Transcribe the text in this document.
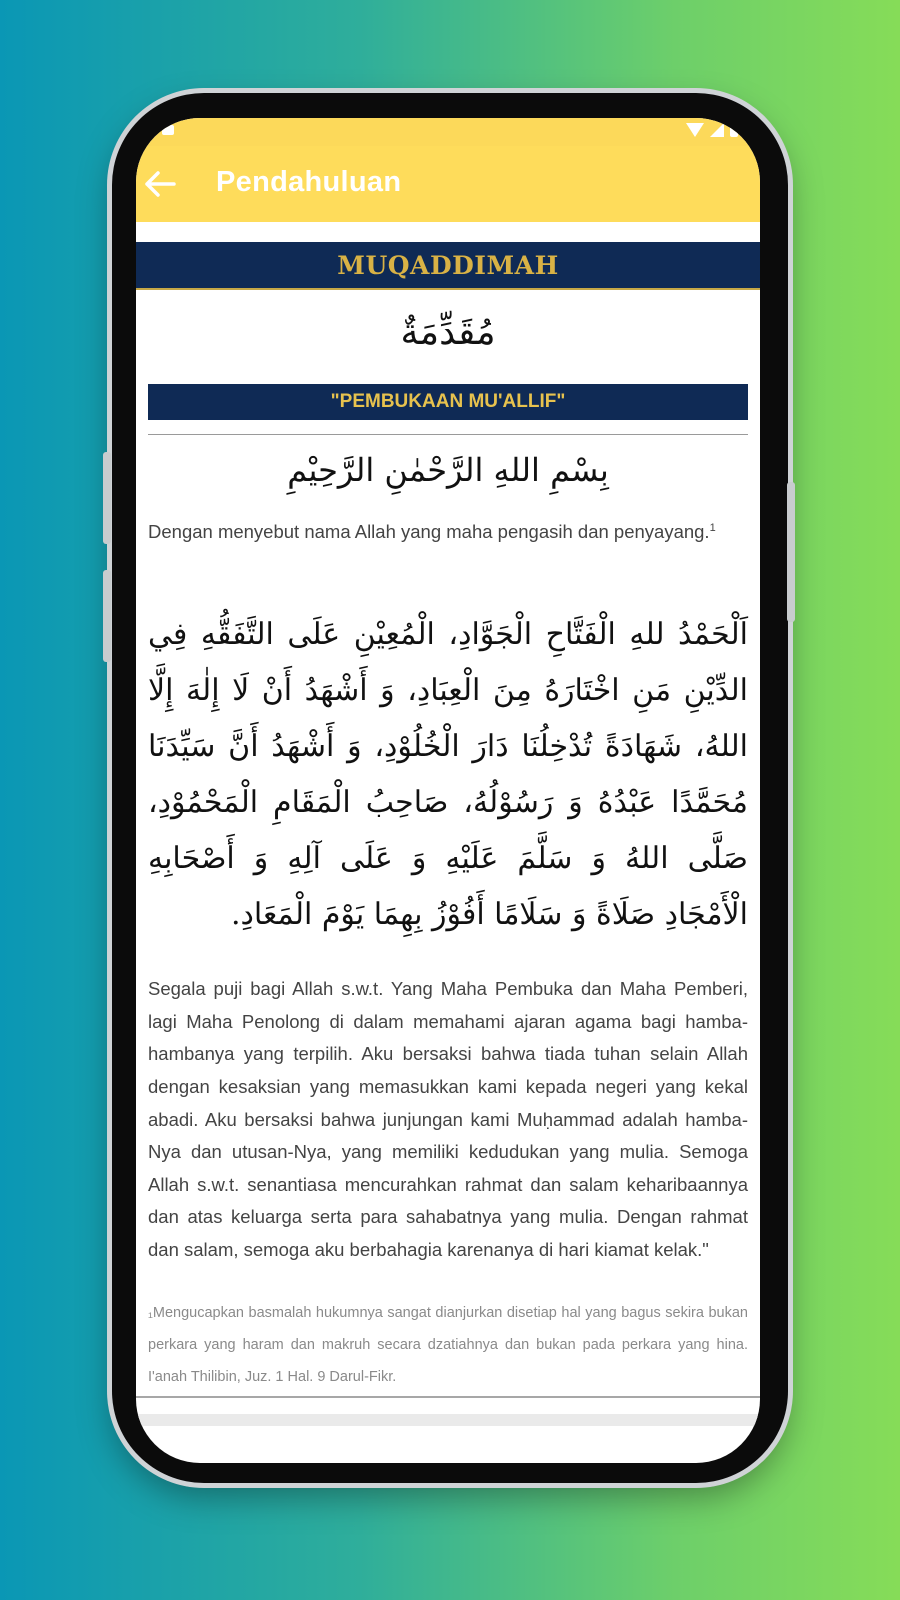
Pendahuluan
MUQADDIMAH
مُقَدِّمَةٌ
"PEMBUKAAN MU'ALLIF"
بِسْمِ اللهِ الرَّحْمٰنِ الرَّحِيْمِ
Dengan menyebut nama Allah yang maha pengasih dan penyayang.$^1$
اَلْحَمْدُ للهِ الْفَتَّاحِ الْجَوَّادِ، الْمُعِيْنِ عَلَى التَّفَقُّهِ فِي الدِّيْنِ مَنِ اخْتَارَهُ مِنَ الْعِبَادِ، وَ أَشْهَدُ أَنْ لَا إِلٰهَ إِلَّا اللهُ، شَهَادَةً تُدْخِلُنَا دَارَ الْخُلُوْدِ، وَ أَشْهَدُ أَنَّ سَيِّدَنَا مُحَمَّدًا عَبْدُهُ وَ رَسُوْلُهُ، صَاحِبُ الْمَقَامِ الْمَحْمُوْدِ، صَلَّى اللهُ وَ سَلَّمَ عَلَيْهِ وَ عَلَى آلِهِ وَ أَصْحَابِهِ الْأَمْجَادِ صَلَاةً وَ سَلَامًا أَفُوْزُ بِهِمَا يَوْمَ الْمَعَادِ.
Segala puji bagi Allah s.w.t. Yang Maha Pembuka dan Maha Pemberi, lagi Maha Penolong di dalam memahami ajaran agama bagi hamba-hambanya yang terpilih. Aku bersaksi bahwa tiada tuhan selain Allah dengan kesaksian yang memasukkan kami kepada negeri yang kekal abadi. Aku bersaksi bahwa junjungan kami Muḥammad adalah hamba-Nya dan utusan-Nya, yang memiliki kedudukan yang mulia. Semoga Allah s.w.t. senantiasa mencurahkan rahmat dan salam keharibaannya dan atas keluarga serta para sahabatnya yang mulia. Dengan rahmat dan salam, semoga aku berbahagia karenanya di hari kiamat kelak."
₁Mengucapkan basmalah hukumnya sangat dianjurkan disetiap hal yang bagus sekira bukan perkara yang haram dan makruh secara dzatiahnya dan bukan pada perkara yang hina. I'anah Thilibin, Juz. 1 Hal. 9 Darul-Fikr.
